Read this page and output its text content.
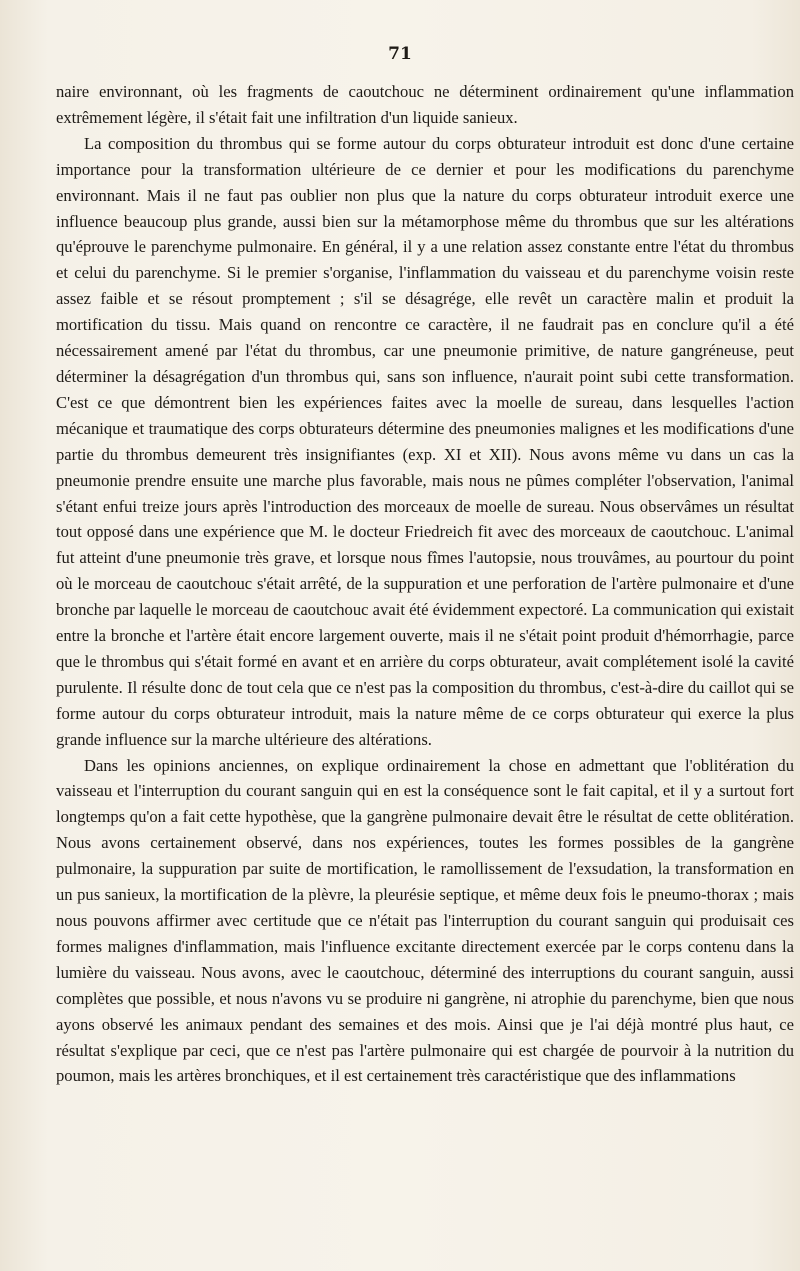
71

naire environnant, où les fragments de caoutchouc ne déterminent ordinairement qu'une inflammation extrêmement légère, il s'était fait une infiltration d'un liquide sanieux.

La composition du thrombus qui se forme autour du corps obturateur introduit est donc d'une certaine importance pour la transformation ultérieure de ce dernier et pour les modifications du parenchyme environnant. Mais il ne faut pas oublier non plus que la nature du corps obturateur introduit exerce une influence beaucoup plus grande, aussi bien sur la métamorphose même du thrombus que sur les altérations qu'éprouve le parenchyme pulmonaire. En général, il y a une relation assez constante entre l'état du thrombus et celui du parenchyme. Si le premier s'organise, l'inflammation du vaisseau et du parenchyme voisin reste assez faible et se résout promptement ; s'il se désagrége, elle revêt un caractère malin et produit la mortification du tissu. Mais quand on rencontre ce caractère, il ne faudrait pas en conclure qu'il a été nécessairement amené par l'état du thrombus, car une pneumonie primitive, de nature gangréneuse, peut déterminer la désagrégation d'un thrombus qui, sans son influence, n'aurait point subi cette transformation. C'est ce que démontrent bien les expériences faites avec la moelle de sureau, dans lesquelles l'action mécanique et traumatique des corps obturateurs détermine des pneumonies malignes et les modifications d'une partie du thrombus demeurent très insignifiantes (exp. XI et XII). Nous avons même vu dans un cas la pneumonie prendre ensuite une marche plus favorable, mais nous ne pûmes compléter l'observation, l'animal s'étant enfui treize jours après l'introduction des morceaux de moelle de sureau. Nous observâmes un résultat tout opposé dans une expérience que M. le docteur Friedreich fit avec des morceaux de caoutchouc. L'animal fut atteint d'une pneumonie très grave, et lorsque nous fîmes l'autopsie, nous trouvâmes, au pourtour du point où le morceau de caoutchouc s'était arrêté, de la suppuration et une perforation de l'artère pulmonaire et d'une bronche par laquelle le morceau de caoutchouc avait été évidemment expectoré. La communication qui existait entre la bronche et l'artère était encore largement ouverte, mais il ne s'était point produit d'hémorrhagie, parce que le thrombus qui s'était formé en avant et en arrière du corps obturateur, avait complétement isolé la cavité purulente. Il résulte donc de tout cela que ce n'est pas la composition du thrombus, c'est-à-dire du caillot qui se forme autour du corps obturateur introduit, mais la nature même de ce corps obturateur qui exerce la plus grande influence sur la marche ultérieure des altérations.

Dans les opinions anciennes, on explique ordinairement la chose en admettant que l'oblitération du vaisseau et l'interruption du courant sanguin qui en est la conséquence sont le fait capital, et il y a surtout fort longtemps qu'on a fait cette hypothèse, que la gangrène pulmonaire devait être le résultat de cette oblitération. Nous avons certainement observé, dans nos expériences, toutes les formes possibles de la gangrène pulmonaire, la suppuration par suite de mortification, le ramollissement de l'exsudation, la transformation en un pus sanieux, la mortification de la plèvre, la pleurésie septique, et même deux fois le pneumo-thorax ; mais nous pouvons affirmer avec certitude que ce n'était pas l'interruption du courant sanguin qui produisait ces formes malignes d'inflammation, mais l'influence excitante directement exercée par le corps contenu dans la lumière du vaisseau. Nous avons, avec le caoutchouc, déterminé des interruptions du courant sanguin, aussi complètes que possible, et nous n'avons vu se produire ni gangrène, ni atrophie du parenchyme, bien que nous ayons observé les animaux pendant des semaines et des mois. Ainsi que je l'ai déjà montré plus haut, ce résultat s'explique par ceci, que ce n'est pas l'artère pulmonaire qui est chargée de pourvoir à la nutrition du poumon, mais les artères bronchiques, et il est certainement très caractéristique que des inflammations
